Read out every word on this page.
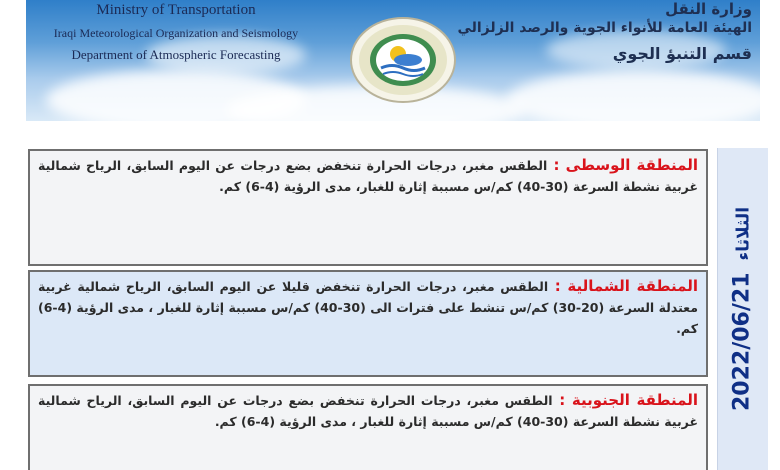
Ministry of Transportation
Iraqi Meteorological Organization and Seismology
Department of Atmospheric Forecasting
وزارة النقل
الهيئة العامة للأنواء الجوية والرصد الزلزالي
قسم التنبؤ الجوي
2022/06/21الثلاثاء
المنطقة الوسطى : الطقس مغبر، درجات الحرارة تنخفض بضع درجات عن اليوم السابق، الرياح شمالية غربية نشطة السرعة (30-40) كم/س مسببة إثارة للغبار، مدى الرؤية (4-6) كم.
المنطقة الشمالية : الطقس مغبر، درجات الحرارة تنخفض قليلا عن اليوم السابق، الرياح شمالية غربية معتدلة السرعة (20-30) كم/س تنشط على فترات الى (30-40) كم/س مسببة إثارة للغبار ، مدى الرؤية (4-6) كم.
المنطقة الجنوبية : الطقس مغبر، درجات الحرارة تنخفض بضع درجات عن اليوم السابق، الرياح شمالية غربية نشطة السرعة (30-40) كم/س مسببة إثارة للغبار ، مدى الرؤية (4-6) كم.
